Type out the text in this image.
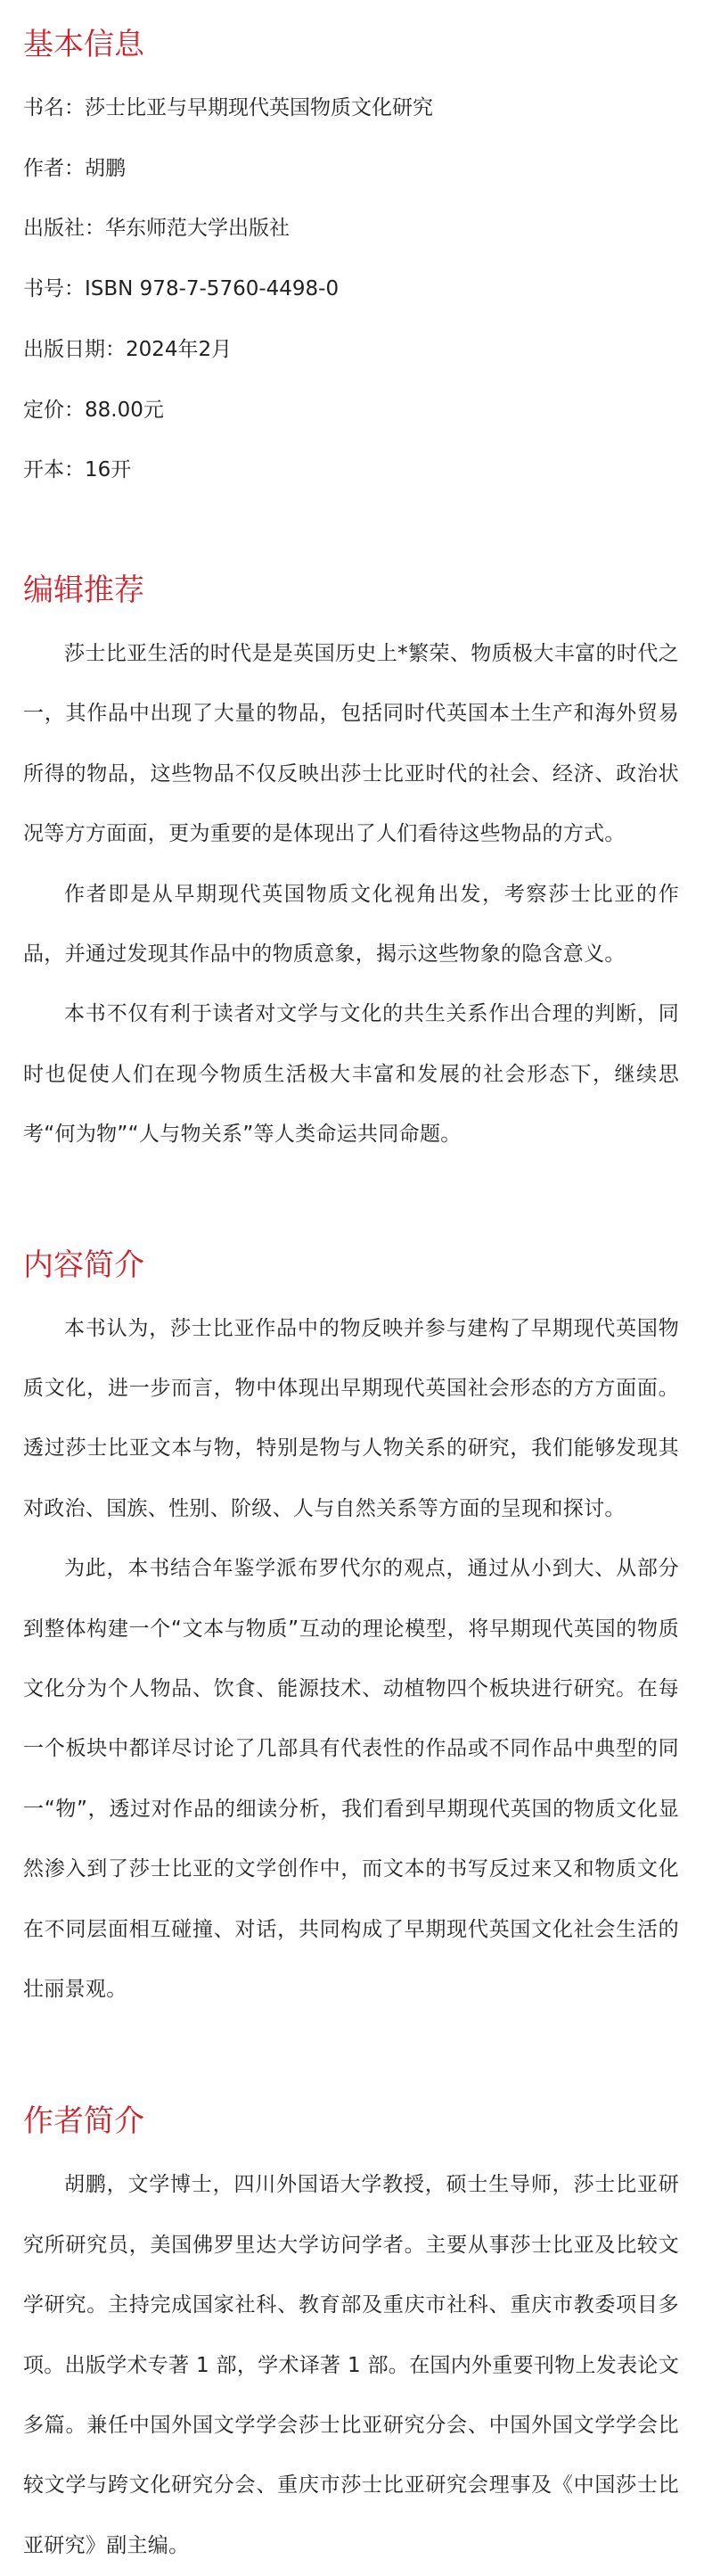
基本信息

书名：莎士比亚与早期现代英国物质文化研究

作者：胡鹏

出版社：华东师范大学出版社

书号：ISBN 978-7-5760-4498-0

出版日期：2024年2月

定价：88.00元

开本：16开

编辑推荐

莎士比亚生活的时代是是英国历史上*繁荣、物质极大丰富的时代之一，其作品中出现了大量的物品，包括同时代英国本土生产和海外贸易所得的物品，这些物品不仅反映出莎士比亚时代的社会、经济、政治状况等方方面面，更为重要的是体现出了人们看待这些物品的方式。

作者即是从早期现代英国物质文化视角出发，考察莎士比亚的作品，并通过发现其作品中的物质意象，揭示这些物象的隐含意义。

本书不仅有利于读者对文学与文化的共生关系作出合理的判断，同时也促使人们在现今物质生活极大丰富和发展的社会形态下，继续思考“何为物”“人与物关系”等人类命运共同命题。

内容简介

本书认为，莎士比亚作品中的物反映并参与建构了早期现代英国物质文化，进一步而言，物中体现出早期现代英国社会形态的方方面面。透过莎士比亚文本与物，特别是物与人物关系的研究，我们能够发现其对政治、国族、性别、阶级、人与自然关系等方面的呈现和探讨。

为此，本书结合年鉴学派布罗代尔的观点，通过从小到大、从部分到整体构建一个“文本与物质”互动的理论模型，将早期现代英国的物质文化分为个人物品、饮食、能源技术、动植物四个板块进行研究。在每一个板块中都详尽讨论了几部具有代表性的作品或不同作品中典型的同一“物”，透过对作品的细读分析，我们看到早期现代英国的物质文化显然渗入到了莎士比亚的文学创作中，而文本的书写反过来又和物质文化在不同层面相互碰撞、对话，共同构成了早期现代英国文化社会生活的壮丽景观。

作者简介

胡鹏，文学博士，四川外国语大学教授，硕士生导师，莎士比亚研究所研究员，美国佛罗里达大学访问学者。主要从事莎士比亚及比较文学研究。主持完成国家社科、教育部及重庆市社科、重庆市教委项目多项。出版学术专著 1 部，学术译著 1 部。在国内外重要刊物上发表论文多篇。兼任中国外国文学学会莎士比亚研究分会、中国外国文学学会比较文学与跨文化研究分会、重庆市莎士比亚研究会理事及《中国莎士比亚研究》副主编。
